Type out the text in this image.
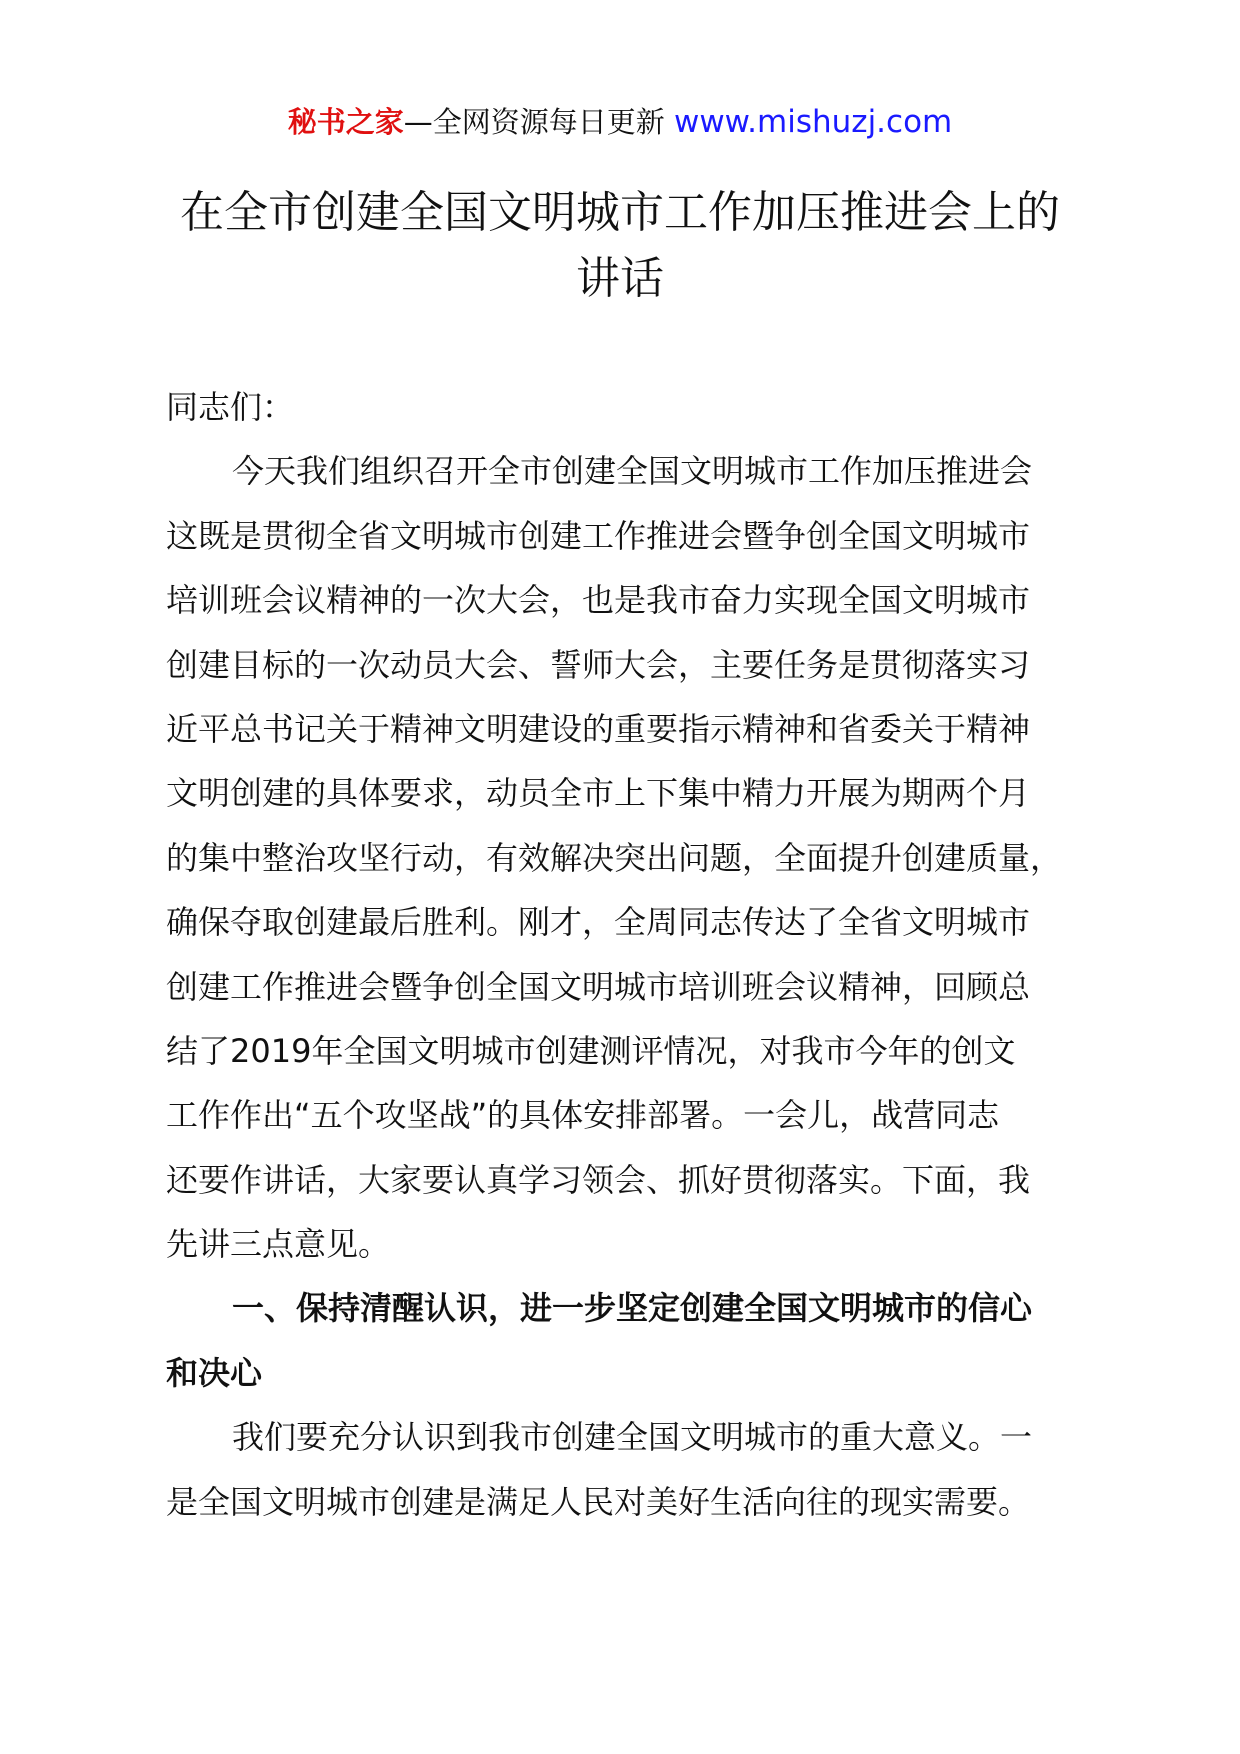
秘书之家—全网资源每日更新 www.mishuzj.com
在全市创建全国文明城市工作加压推进会上的
讲话
同志们：
今天我们组织召开全市创建全国文明城市工作加压推进会
这既是贯彻全省文明城市创建工作推进会暨争创全国文明城市
培训班会议精神的一次大会，也是我市奋力实现全国文明城市
创建目标的一次动员大会、誓师大会，主要任务是贯彻落实习
近平总书记关于精神文明建设的重要指示精神和省委关于精神
文明创建的具体要求，动员全市上下集中精力开展为期两个月
的集中整治攻坚行动，有效解决突出问题，全面提升创建质量，
确保夺取创建最后胜利。刚才，全周同志传达了全省文明城市
创建工作推进会暨争创全国文明城市培训班会议精神，回顾总
结了2019年全国文明城市创建测评情况，对我市今年的创文
工作作出“五个攻坚战”的具体安排部署。一会儿，战营同志
还要作讲话，大家要认真学习领会、抓好贯彻落实。下面，我
先讲三点意见。
一、保持清醒认识，进一步坚定创建全国文明城市的信心
和决心
我们要充分认识到我市创建全国文明城市的重大意义。一
是全国文明城市创建是满足人民对美好生活向往的现实需要。
